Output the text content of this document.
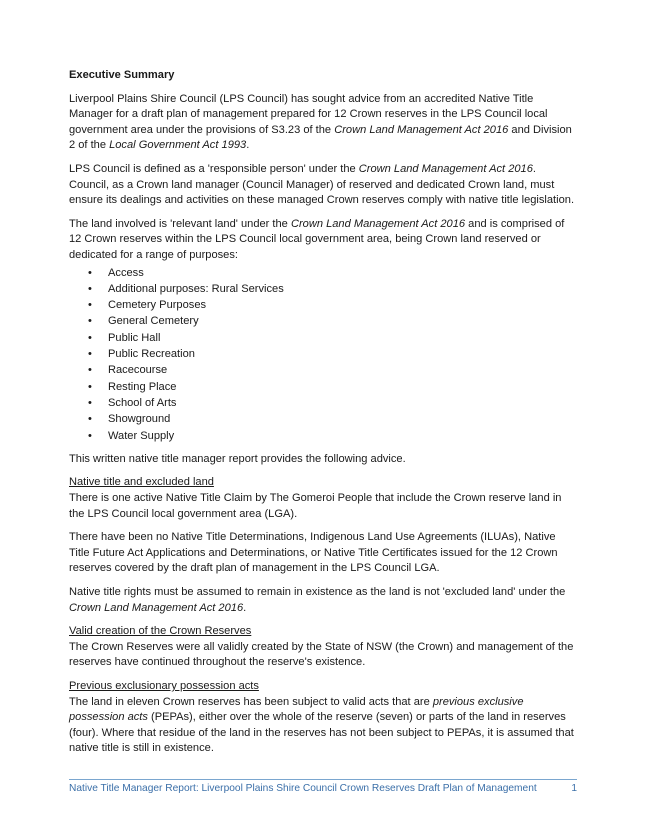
Executive Summary

Liverpool Plains Shire Council (LPS Council) has sought advice from an accredited Native Title Manager for a draft plan of management prepared for 12 Crown reserves in the LPS Council local government area under the provisions of S3.23 of the Crown Land Management Act 2016 and Division 2 of the Local Government Act 1993.

LPS Council is defined as a 'responsible person' under the Crown Land Management Act 2016. Council, as a Crown land manager (Council Manager) of reserved and dedicated Crown land, must ensure its dealings and activities on these managed Crown reserves comply with native title legislation.

The land involved is 'relevant land' under the Crown Land Management Act 2016 and is comprised of 12 Crown reserves within the LPS Council local government area, being Crown land reserved or dedicated for a range of purposes:

• Access
• Additional purposes: Rural Services
• Cemetery Purposes
• General Cemetery
• Public Hall
• Public Recreation
• Racecourse
• Resting Place
• School of Arts
• Showground
• Water Supply

This written native title manager report provides the following advice.

Native title and excluded land

There is one active Native Title Claim by The Gomeroi People that include the Crown reserve land in the LPS Council local government area (LGA).

There have been no Native Title Determinations, Indigenous Land Use Agreements (ILUAs), Native Title Future Act Applications and Determinations, or Native Title Certificates issued for the 12 Crown reserves covered by the draft plan of management in the LPS Council LGA.

Native title rights must be assumed to remain in existence as the land is not 'excluded land' under the Crown Land Management Act 2016.

Valid creation of the Crown Reserves

The Crown Reserves were all validly created by the State of NSW (the Crown) and management of the reserves have continued throughout the reserve's existence.

Previous exclusionary possession acts

The land in eleven Crown reserves has been subject to valid acts that are previous exclusive possession acts (PEPAs), either over the whole of the reserve (seven) or parts of the land in reserves (four). Where that residue of the land in the reserves has not been subject to PEPAs, it is assumed that native title is still in existence.

Native Title Manager Report: Liverpool Plains Shire Council Crown Reserves Draft Plan of Management	1
